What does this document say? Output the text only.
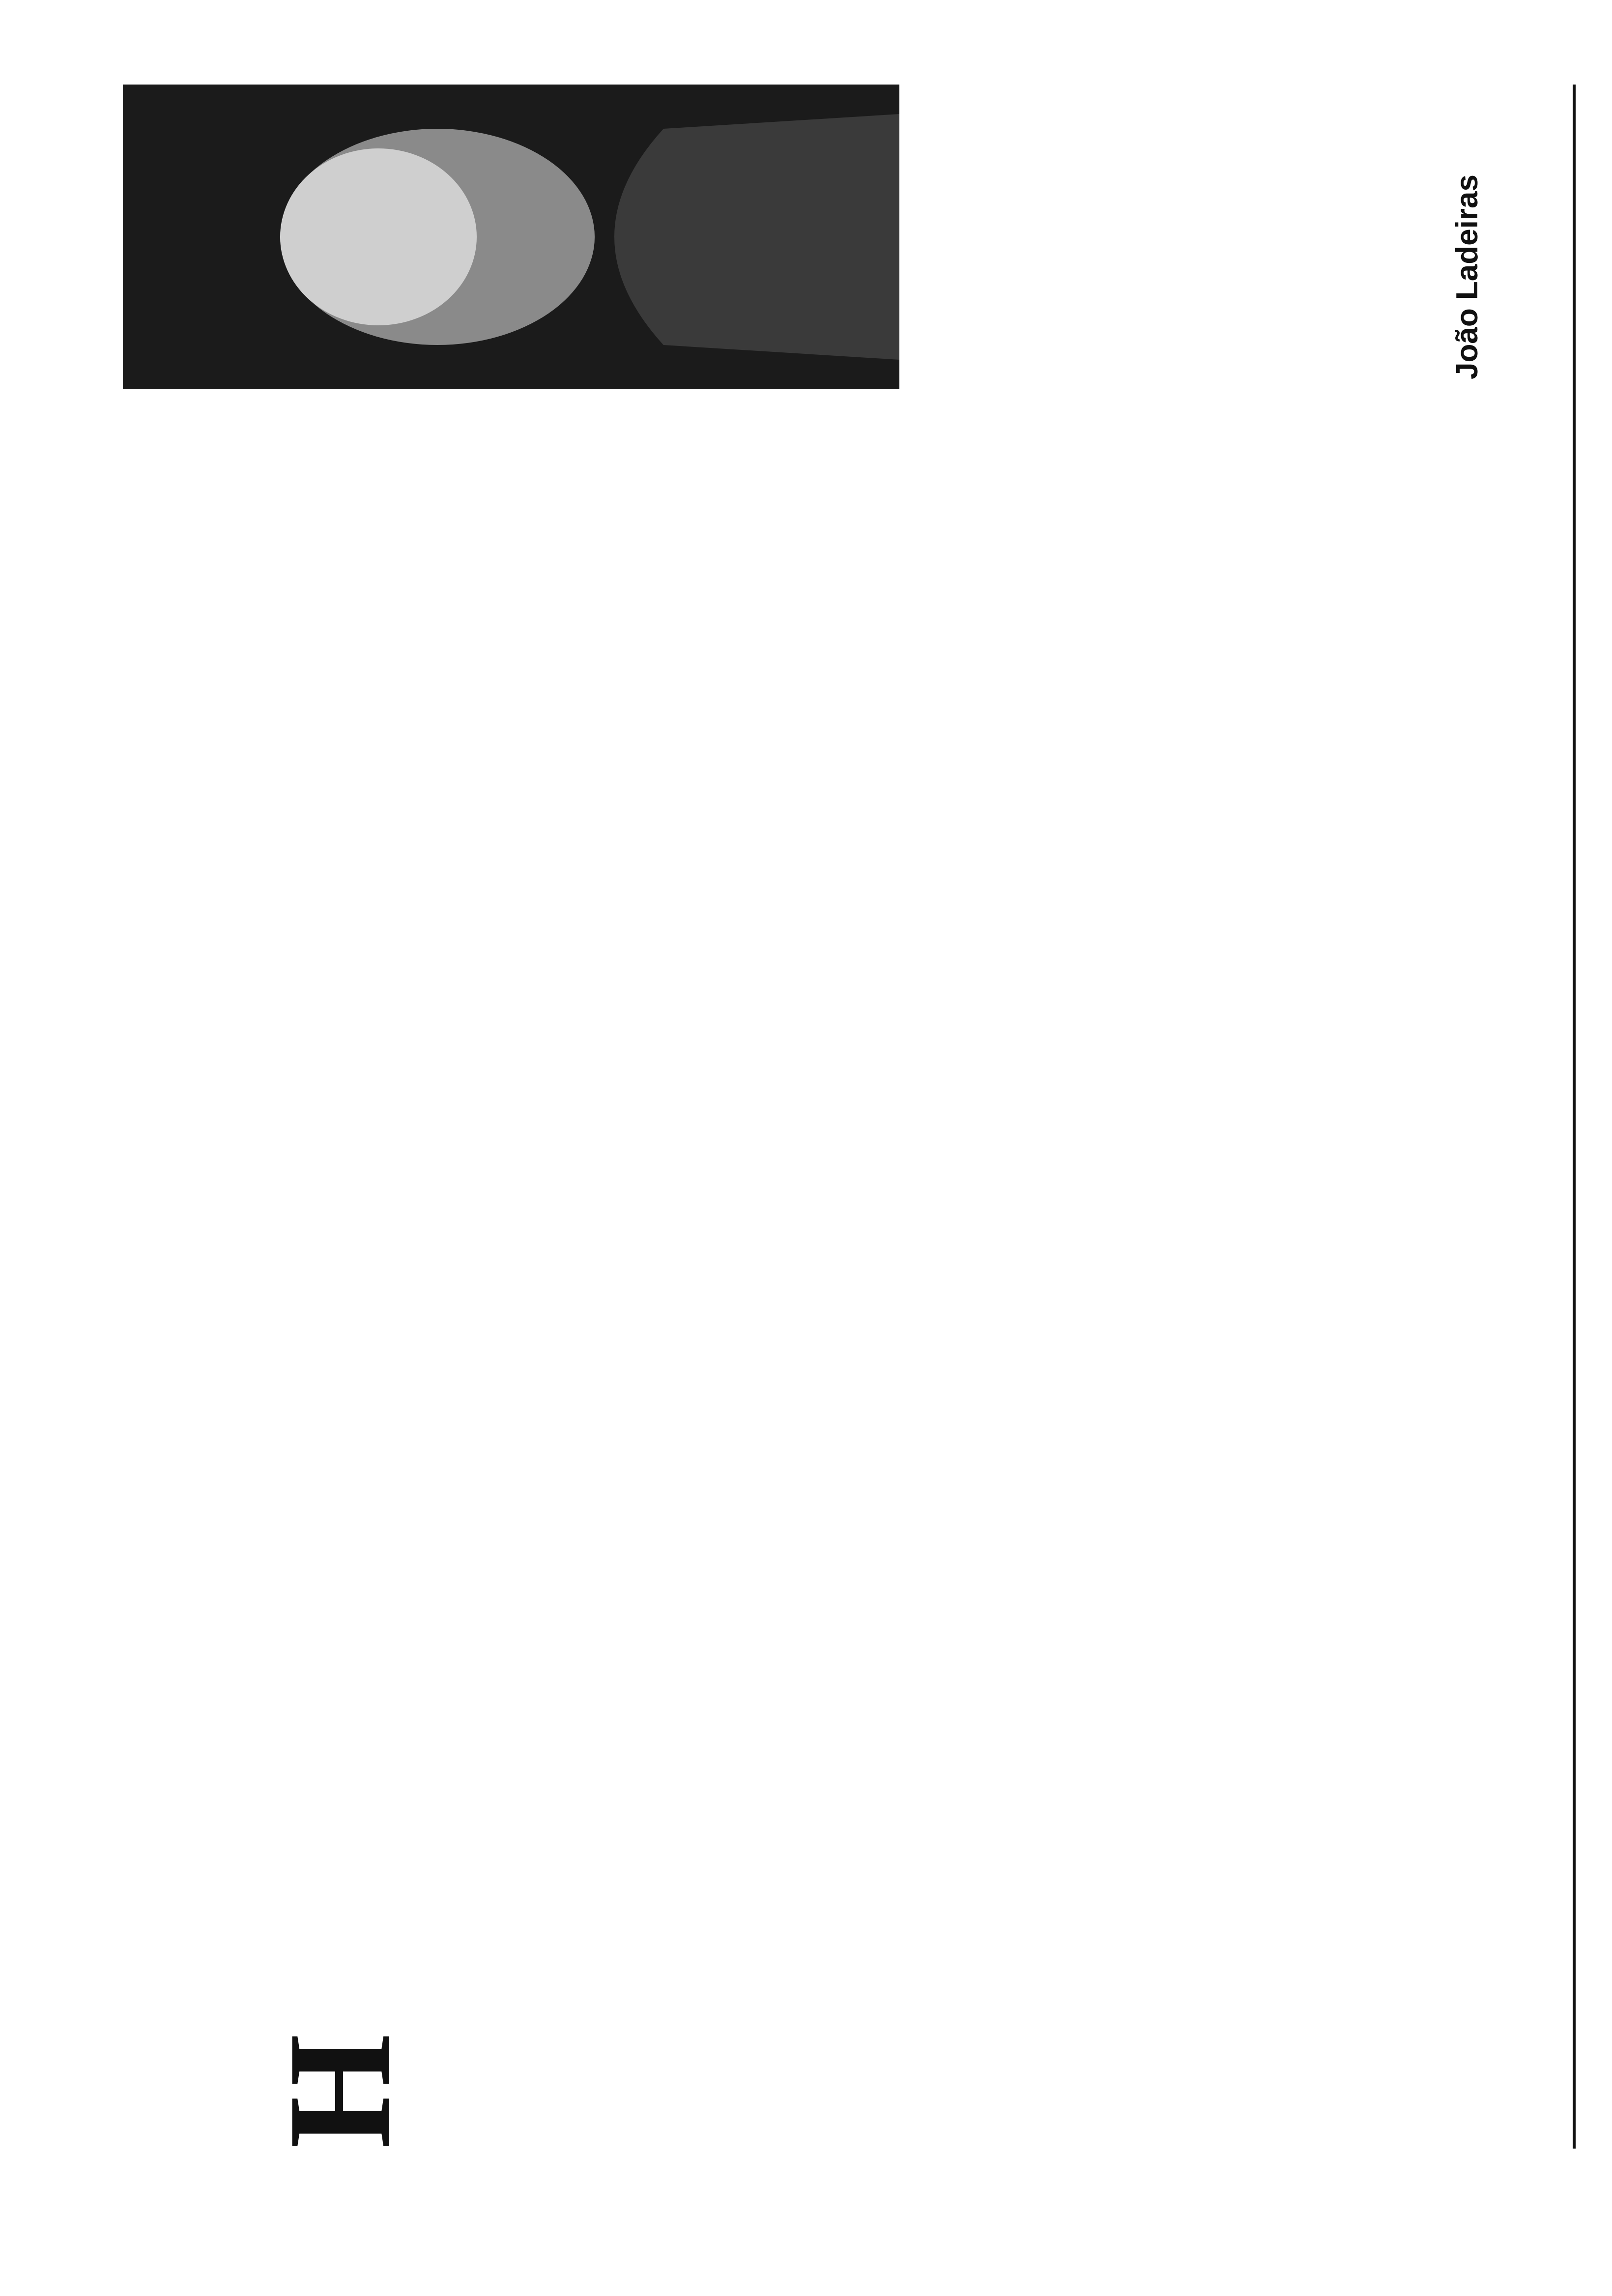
H
João Ladeiras
